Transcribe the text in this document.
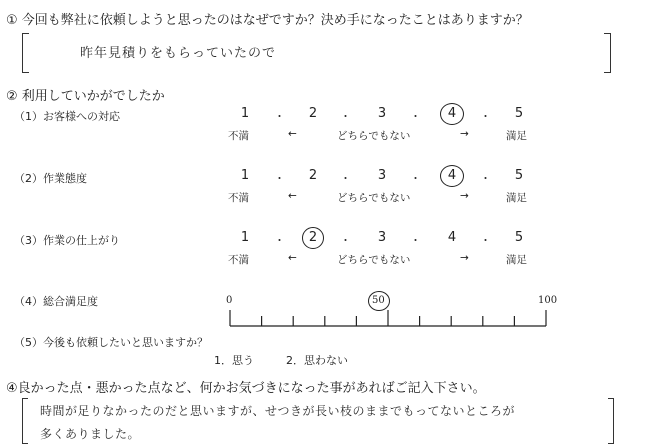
① 今回も弊社に依頼しようと思ったのはなぜですか？決め手になったことはありますか？
昨年見積りをもらっていたので
② 利用していかがでしたか
（1）お客様への対応	1 ・ 2 ・ 3 ・ 4 ・ 5
不満	←	どちらでもない	→	満足
（2）作業態度	1 ・ 2 ・ 3 ・ 4 ・ 5
不満	←	どちらでもない	→	満足
（3）作業の仕上がり	1 ・ 2 ・ 3 ・ 4 ・ 5
不満	←	どちらでもない	→	満足
（4）総合満足度	0	50	100
（5）今後も依頼したいと思いますか？
1．思う	2．思わない
④良かった点・悪かった点など、何かお気づきになった事があればご記入下さい。
時間が足りなかったのだと思いますが、せつきが長い枝のままでもってないところが
多くありました。
